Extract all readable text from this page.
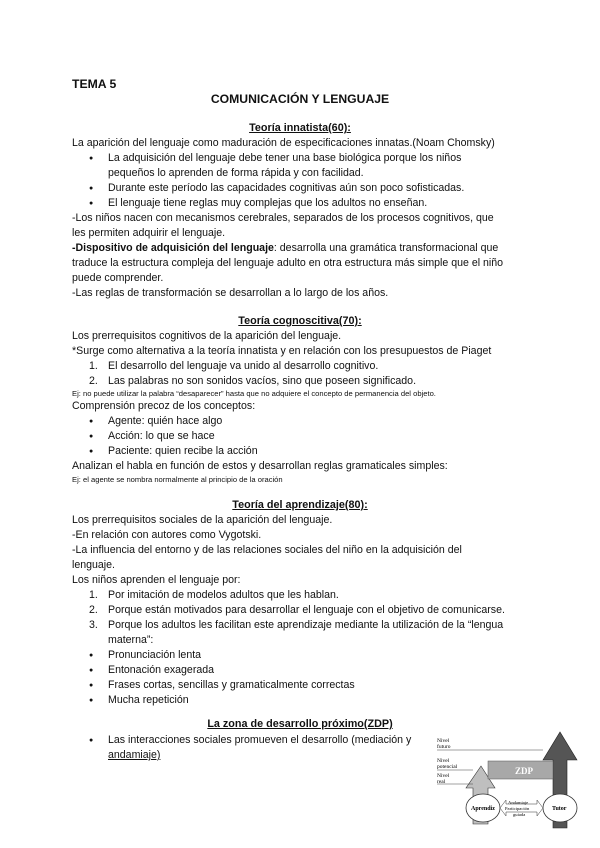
TEMA 5
COMUNICACIÓN Y LENGUAJE
Teoría innatista(60):
La aparición del lenguaje como maduración de especificaciones innatas.(Noam Chomsky)
● La adquisición del lenguaje debe tener una base biológica porque los niños
pequeños lo aprenden de forma rápida y con facilidad.
● Durante este período las capacidades cognitivas aún son poco sofisticadas.
● El lenguaje tiene reglas muy complejas que los adultos no enseñan.
-Los niños nacen con mecanismos cerebrales, separados de los procesos cognitivos, que
les permiten adquirir el lenguaje.
-Dispositivo de adquisición del lenguaje: desarrolla una gramática transformacional que
traduce la estructura compleja del lenguaje adulto en otra estructura más simple que el niño
puede comprender.
-Las reglas de transformación se desarrollan a lo largo de los años.
Teoría cognoscitiva(70):
Los prerrequisitos cognitivos de la aparición del lenguaje.
*Surge como alternativa a la teoría innatista y en relación con los presupuestos de Piaget
1. El desarrollo del lenguaje va unido al desarrollo cognitivo.
2. Las palabras no son sonidos vacíos, sino que poseen significado.
Ej: no puede utilizar la palabra “desaparecer” hasta que no adquiere el concepto de permanencia del objeto.
Comprensión precoz de los conceptos:
● Agente: quién hace algo
● Acción: lo que se hace
● Paciente: quien recibe la acción
Analizan el habla en función de estos y desarrollan reglas gramaticales simples:
Ej: el agente se nombra normalmente al principio de la oración
Teoría del aprendizaje(80):
Los prerrequisitos sociales de la aparición del lenguaje.
-En relación con autores como Vygotski.
-La influencia del entorno y de las relaciones sociales del niño en la adquisición del
lenguaje.
Los niños aprenden el lenguaje por:
1. Por imitación de modelos adultos que les hablan.
2. Porque están motivados para desarrollar el lenguaje con el objetivo de comunicarse.
3. Porque los adultos les facilitan este aprendizaje mediante la utilización de la “lengua
materna”:
● Pronunciación lenta
● Entonación exagerada
● Frases cortas, sencillas y gramaticalmente correctas
● Mucha repetición
La zona de desarrollo próximo(ZDP)
● Las interacciones sociales promueven el desarrollo (mediación y
andamiaje)
ZDP
Nivel
futuro
Nivel
potencial
Nivel
real
Aprendiz	Tutor
Andamiaje
Participación
guiada
